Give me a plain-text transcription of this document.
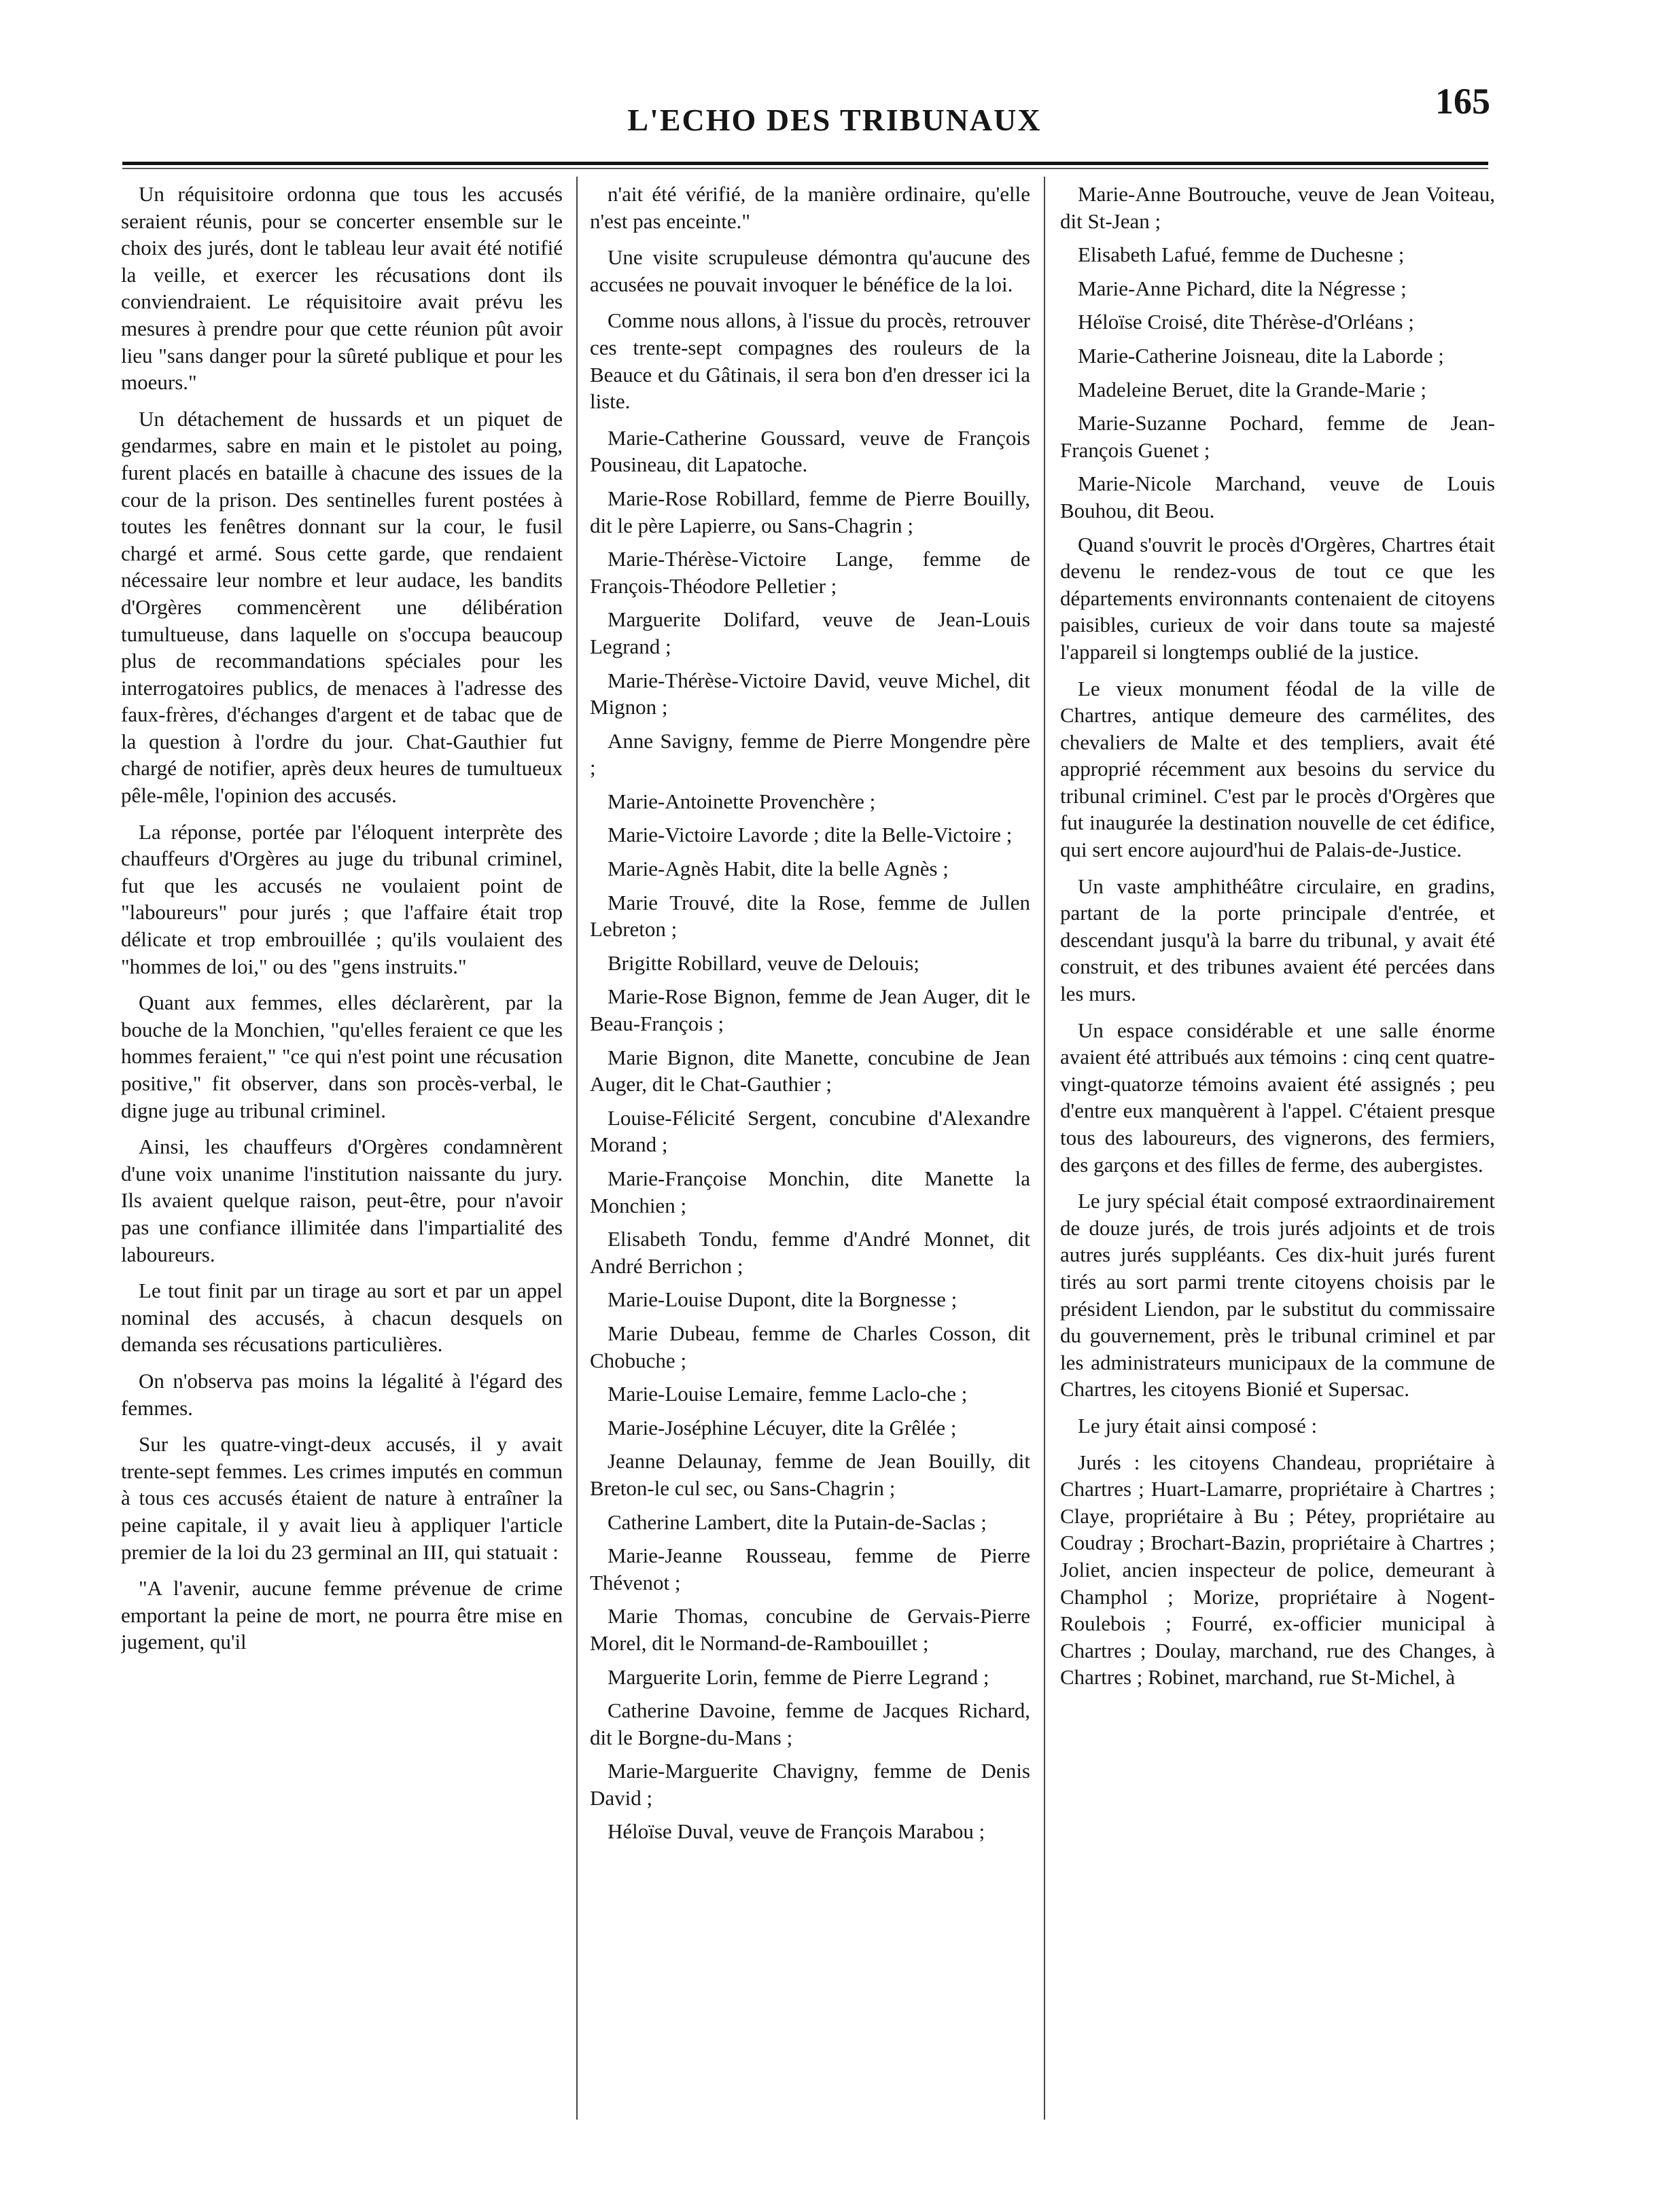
165
L'ECHO DES TRIBUNAUX

Un réquisitoire ordonna que tous les accusés seraient réunis, pour se concerter ensemble sur le choix des jurés, dont le tableau leur avait été notifié la veille, et exercer les récusations dont ils conviendraient. Le réquisitoire avait prévu les mesures à prendre pour que cette réunion pût avoir lieu "sans danger pour la sûreté publique et pour les moeurs."

Un détachement de hussards et un piquet de gendarmes, sabre en main et le pistolet au poing, furent placés en bataille à chacune des issues de la cour de la prison. Des sentinelles furent postées à toutes les fenêtres donnant sur la cour, le fusil chargé et armé. Sous cette garde, que rendaient nécessaire leur nombre et leur audace, les bandits d'Orgères commencèrent une délibération tumultueuse, dans laquelle on s'occupa beaucoup plus de recommandations spéciales pour les interrogatoires publics, de menaces à l'adresse des faux-frères, d'échanges d'argent et de tabac que de la question à l'ordre du jour. Chat-Gauthier fut chargé de notifier, après deux heures de tumultueux pêle-mêle, l'opinion des accusés.

La réponse, portée par l'éloquent interprète des chauffeurs d'Orgères au juge du tribunal criminel, fut que les accusés ne voulaient point de "laboureurs" pour jurés ; que l'affaire était trop délicate et trop embrouillée ; qu'ils voulaient des "hommes de loi," ou des "gens instruits."

Quant aux femmes, elles déclarèrent, par la bouche de la Monchien, "qu'elles feraient ce que les hommes feraient," "ce qui n'est point une récusation positive," fit observer, dans son procès-verbal, le digne juge au tribunal criminel.

Ainsi, les chauffeurs d'Orgères condamnèrent d'une voix unanime l'institution naissante du jury. Ils avaient quelque raison, peut-être, pour n'avoir pas une confiance illimitée dans l'impartialité des laboureurs.

Le tout finit par un tirage au sort et par un appel nominal des accusés, à chacun desquels on demanda ses récusations particulières.

On n'observa pas moins la légalité à l'égard des femmes.

Sur les quatre-vingt-deux accusés, il y avait trente-sept femmes. Les crimes imputés en commun à tous ces accusés étaient de nature à entraîner la peine capitale, il y avait lieu à appliquer l'article premier de la loi du 23 germinal an III, qui statuait :

"A l'avenir, aucune femme prévenue de crime emportant la peine de mort, ne pourra être mise en jugement, qu'il

n'ait été vérifié, de la manière ordinaire, qu'elle n'est pas enceinte."

Une visite scrupuleuse démontra qu'aucune des accusées ne pouvait invoquer le bénéfice de la loi.

Comme nous allons, à l'issue du procès, retrouver ces trente-sept compagnes des rouleurs de la Beauce et du Gâtinais, il sera bon d'en dresser ici la liste.

Marie-Catherine Goussard, veuve de François Pousineau, dit Lapatoche.

Marie-Rose Robillard, femme de Pierre Bouilly, dit le père Lapierre, ou Sans-Chagrin ;

Marie-Thérèse-Victoire Lange, femme de François-Théodore Pelletier ;

Marguerite Dolifard, veuve de Jean-Louis Legrand ;

Marie-Thérèse-Victoire David, veuve Michel, dit Mignon ;

Anne Savigny, femme de Pierre Mongendre père ;

Marie-Antoinette Provenchère ;

Marie-Victoire Lavorde ; dite la Belle-Victoire ;

Marie-Agnès Habit, dite la belle Agnès ;

Marie Trouvé, dite la Rose, femme de Jullen Lebreton ;

Brigitte Robillard, veuve de Delouis;

Marie-Rose Bignon, femme de Jean Auger, dit le Beau-François ;

Marie Bignon, dite Manette, concubine de Jean Auger, dit le Chat-Gauthier ;

Louise-Félicité Sergent, concubine d'Alexandre Morand ;

Marie-Françoise Monchin, dite Manette la Monchien ;

Elisabeth Tondu, femme d'André Monnet, dit André Berrichon ;

Marie-Louise Dupont, dite la Borgnesse ;

Marie Dubeau, femme de Charles Cosson, dit Chobuche ;

Marie-Louise Lemaire, femme Laclo-che ;

Marie-Joséphine Lécuyer, dite la Grêlée ;

Jeanne Delaunay, femme de Jean Bouilly, dit Breton-le cul sec, ou Sans-Chagrin ;

Catherine Lambert, dite la Putain-de-Saclas ;

Marie-Jeanne Rousseau, femme de Pierre Thévenot ;

Marie Thomas, concubine de Gervais-Pierre Morel, dit le Normand-de-Rambouillet ;

Marguerite Lorin, femme de Pierre Legrand ;

Catherine Davoine, femme de Jacques Richard, dit le Borgne-du-Mans ;

Marie-Marguerite Chavigny, femme de Denis David ;

Héloïse Duval, veuve de François Marabou ;

Marie-Anne Boutrouche, veuve de Jean Voiteau, dit St-Jean ;

Elisabeth Lafué, femme de Duchesne ;

Marie-Anne Pichard, dite la Négresse ;

Héloïse Croisé, dite Thérèse-d'Orléans ;

Marie-Catherine Joisneau, dite la Laborde ;

Madeleine Beruet, dite la Grande-Marie ;

Marie-Suzanne Pochard, femme de Jean-François Guenet ;

Marie-Nicole Marchand, veuve de Louis Bouhou, dit Beou.

Quand s'ouvrit le procès d'Orgères, Chartres était devenu le rendez-vous de tout ce que les départements environnants contenaient de citoyens paisibles, curieux de voir dans toute sa majesté l'appareil si longtemps oublié de la justice.

Le vieux monument féodal de la ville de Chartres, antique demeure des carmélites, des chevaliers de Malte et des templiers, avait été approprié récemment aux besoins du service du tribunal criminel. C'est par le procès d'Orgères que fut inaugurée la destination nouvelle de cet édifice, qui sert encore aujourd'hui de Palais-de-Justice.

Un vaste amphithéâtre circulaire, en gradins, partant de la porte principale d'entrée, et descendant jusqu'à la barre du tribunal, y avait été construit, et des tribunes avaient été percées dans les murs.

Un espace considérable et une salle énorme avaient été attribués aux témoins : cinq cent quatre-vingt-quatorze témoins avaient été assignés ; peu d'entre eux manquèrent à l'appel. C'étaient presque tous des laboureurs, des vignerons, des fermiers, des garçons et des filles de ferme, des aubergistes.

Le jury spécial était composé extraordinairement de douze jurés, de trois jurés adjoints et de trois autres jurés suppléants. Ces dix-huit jurés furent tirés au sort parmi trente citoyens choisis par le président Liendon, par le substitut du commissaire du gouvernement, près le tribunal criminel et par les administrateurs municipaux de la commune de Chartres, les citoyens Bionié et Supersac.

Le jury était ainsi composé :

Jurés : les citoyens Chandeau, propriétaire à Chartres ; Huart-Lamarre, propriétaire à Chartres ; Claye, propriétaire à Bu ; Pétey, propriétaire au Coudray ; Brochart-Bazin, propriétaire à Chartres ; Joliet, ancien inspecteur de police, demeurant à Champhol ; Morize, propriétaire à Nogent-Roulebois ; Fourré, ex-officier municipal à Chartres ; Doulay, marchand, rue des Changes, à Chartres ; Robinet, marchand, rue St-Michel, à
